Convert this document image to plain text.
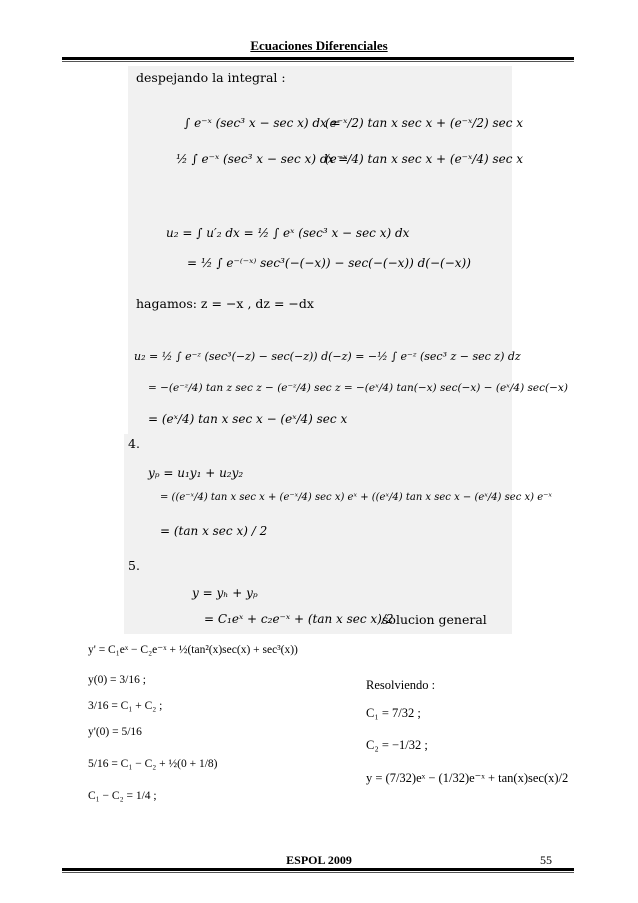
Ecuaciones Diferenciales
despejando la integral :
∫ e⁻ˣ (sec³ x − sec x) dx =
(e⁻ˣ/2) tan x sec x + (e⁻ˣ/2) sec x
½ ∫ e⁻ˣ (sec³ x − sec x) dx =
(e⁻ˣ/4) tan x sec x + (e⁻ˣ/4) sec x
u₂ = ∫ u′₂ dx = ½ ∫ eˣ (sec³ x − sec x) dx
= ½ ∫ e⁻⁽⁻ˣ⁾ sec³(−(−x)) − sec(−(−x)) d(−(−x))
hagamos: z = −x , dz = −dx
u₂ = ½ ∫ e⁻ᶻ (sec³(−z) − sec(−z)) d(−z) = −½ ∫ e⁻ᶻ (sec³ z − sec z) dz
= −(e⁻ᶻ/4) tan z sec z − (e⁻ᶻ/4) sec z = −(eˣ/4) tan(−x) sec(−x) − (eˣ/4) sec(−x)
= (eˣ/4) tan x sec x − (eˣ/4) sec x
4.
yₚ = u₁y₁ + u₂y₂
= ((e⁻ˣ/4) tan x sec x + (e⁻ˣ/4) sec x) eˣ + ((eˣ/4) tan x sec x − (eˣ/4) sec x) e⁻ˣ
= (tan x sec x) / 2
5.
y = yₕ + yₚ
= C₁eˣ + c₂e⁻ˣ + (tan x sec x)/2
solucion general
y' = C₁eˣ − C₂e⁻ˣ + ½(tan²(x)sec(x) + sec³(x))
y(0) = 3/16 ;
3/16 = C₁ + C₂ ;
y'(0) = 5/16
5/16 = C₁ − C₂ + ½(0 + 1/8)
C₁ − C₂ = 1/4 ;
Resolviendo :
C₁ = 7/32 ;
C₂ = −1/32 ;
y = (7/32)eˣ − (1/32)e⁻ˣ + tan(x)sec(x)/2
ESPOL 2009	55
